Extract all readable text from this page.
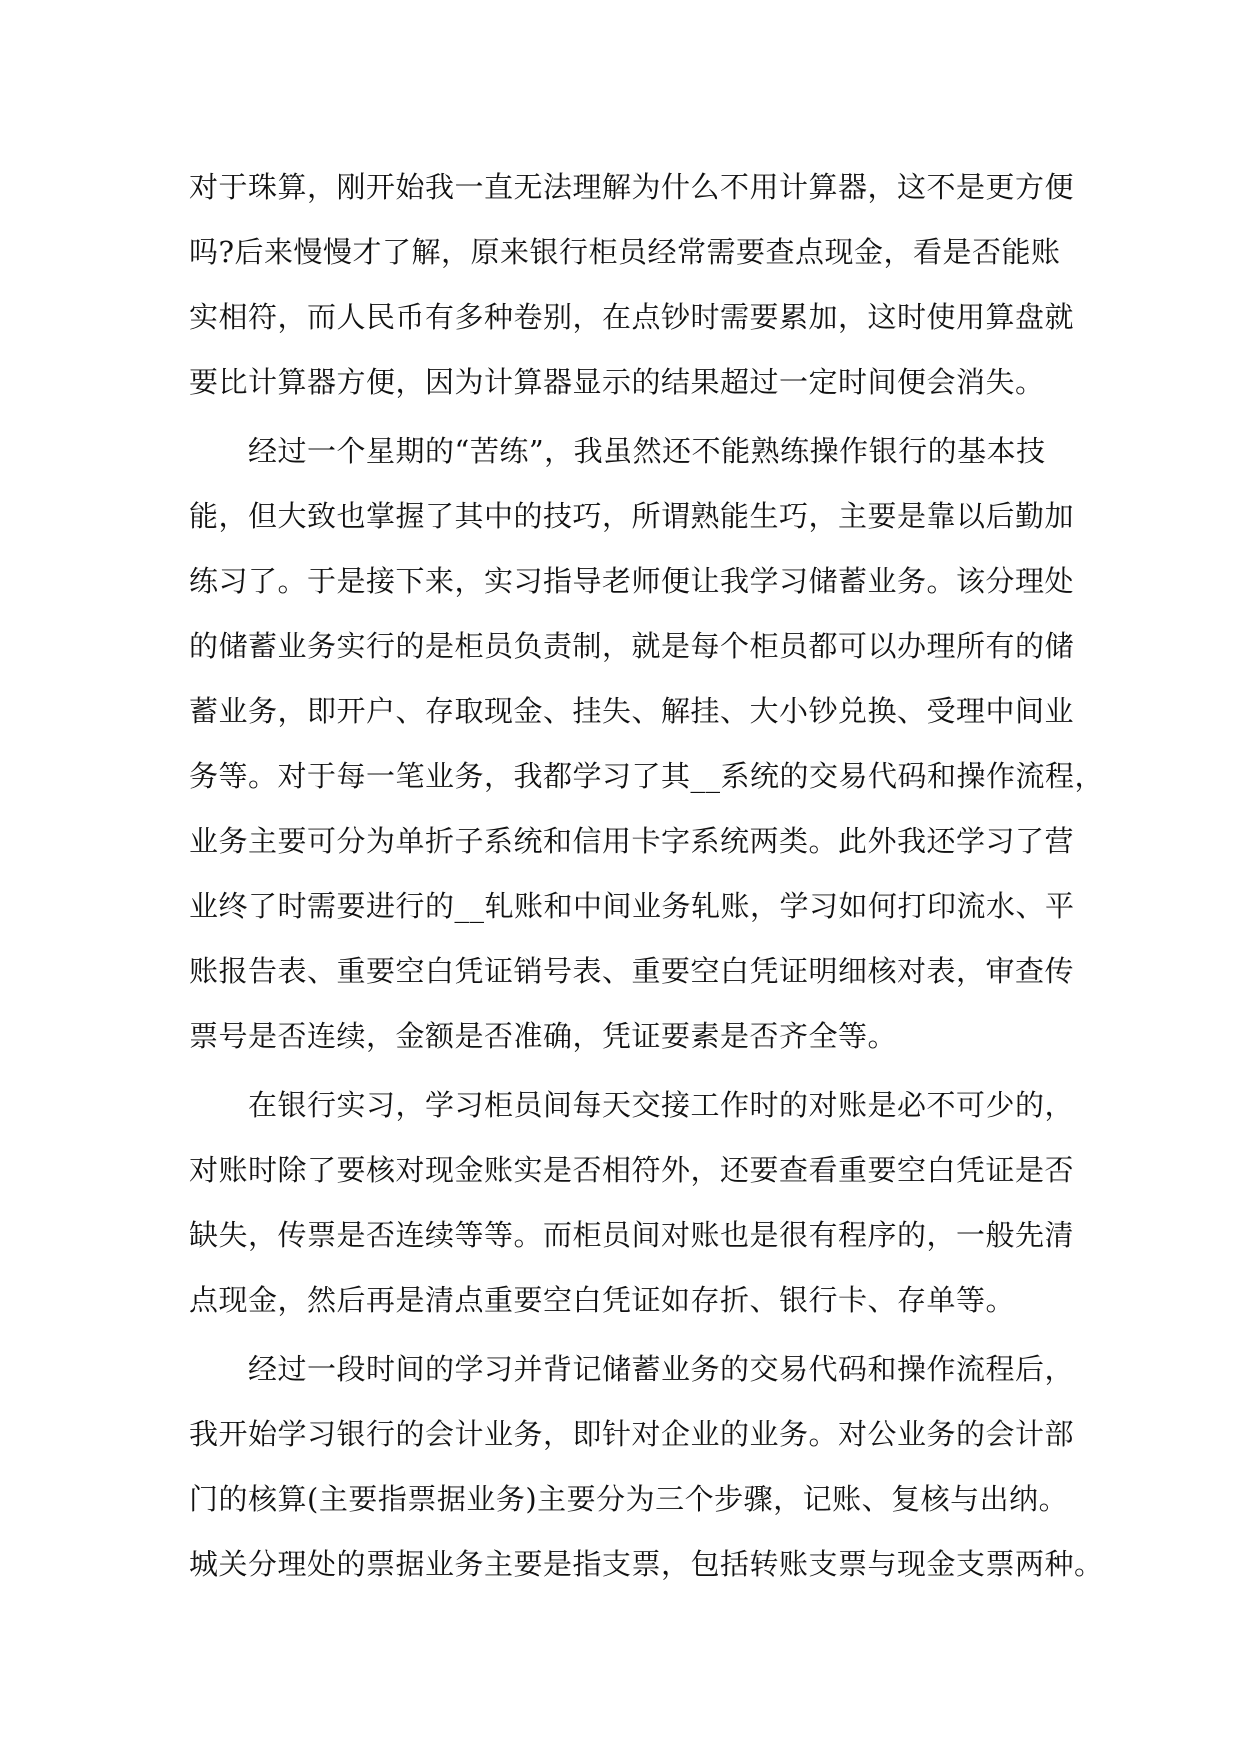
对于珠算，刚开始我一直无法理解为什么不用计算器，这不是更方便
吗?后来慢慢才了解，原来银行柜员经常需要查点现金，看是否能账
实相符，而人民币有多种卷别，在点钞时需要累加，这时使用算盘就
要比计算器方便，因为计算器显示的结果超过一定时间便会消失。
　　经过一个星期的“苦练”，我虽然还不能熟练操作银行的基本技
能，但大致也掌握了其中的技巧，所谓熟能生巧，主要是靠以后勤加
练习了。于是接下来，实习指导老师便让我学习储蓄业务。该分理处
的储蓄业务实行的是柜员负责制，就是每个柜员都可以办理所有的储
蓄业务，即开户、存取现金、挂失、解挂、大小钞兑换、受理中间业
务等。对于每一笔业务，我都学习了其__系统的交易代码和操作流程，
业务主要可分为单折子系统和信用卡字系统两类。此外我还学习了营
业终了时需要进行的__轧账和中间业务轧账，学习如何打印流水、平
账报告表、重要空白凭证销号表、重要空白凭证明细核对表，审查传
票号是否连续，金额是否准确，凭证要素是否齐全等。
　　在银行实习，学习柜员间每天交接工作时的对账是必不可少的，
对账时除了要核对现金账实是否相符外，还要查看重要空白凭证是否
缺失，传票是否连续等等。而柜员间对账也是很有程序的，一般先清
点现金，然后再是清点重要空白凭证如存折、银行卡、存单等。
　　经过一段时间的学习并背记储蓄业务的交易代码和操作流程后，
我开始学习银行的会计业务，即针对企业的业务。对公业务的会计部
门的核算(主要指票据业务)主要分为三个步骤，记账、复核与出纳。
城关分理处的票据业务主要是指支票，包括转账支票与现金支票两种。
